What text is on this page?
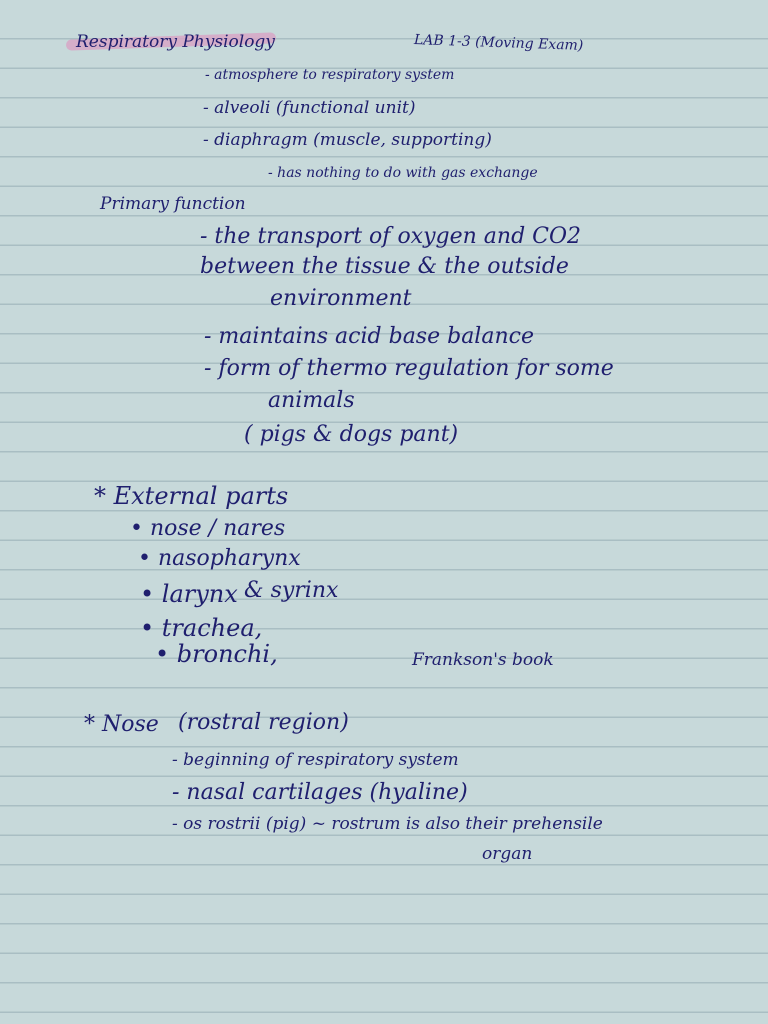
Respiratory Physiology	LAB 1-3 (Moving Exam)
- atmosphere to respiratory system
- alveoli (functional unit)
- diaphragm (muscle, supporting)
- has nothing to do with gas exchange
Primary function
- the transport of oxygen and CO2
between the tissue & the outside
environment
- maintains acid base balance
- form of thermo regulation for some
animals
( pigs & dogs pant)
* External parts
• nose / nares
• nasopharynx
• larynx & syrinx
• trachea,
• bronchi,	Frankson's book
* Nose (rostral region)
- beginning of respiratory system
- nasal cartilages (hyaline)
- os rostrii (pig) ~ rostrum is also their prehensile
organ
